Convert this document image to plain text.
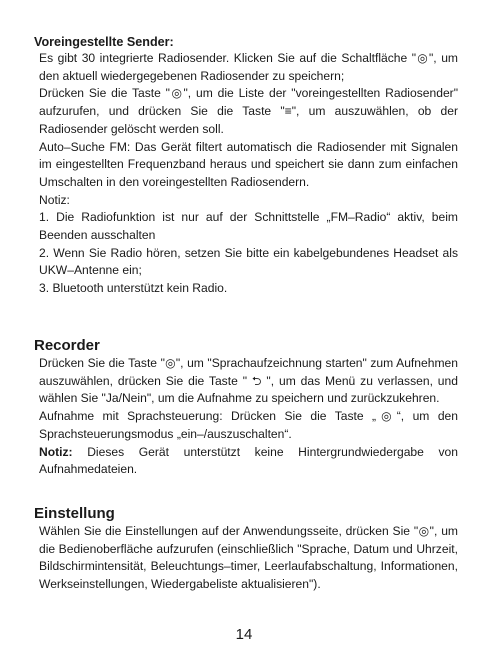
Voreingestellte Sender:

Es gibt 30 integrierte Radiosender. Klicken Sie auf die Schaltfläche "◎", um den aktuell wiedergegebenen Radiosender zu speichern;

Drücken Sie die Taste "◎", um die Liste der "voreingestellten Radiosender" aufzurufen, und drücken Sie die Taste "≡", um auszuwählen, ob der Radiosender gelöscht werden soll.

Auto–Suche FM: Das Gerät filtert automatisch die Radiosender mit Signalen im eingestellten Frequenzband heraus und speichert sie dann zum einfachen Umschalten in den voreingestellten Radiosendern.

Notiz:

1. Die Radiofunktion ist nur auf der Schnittstelle „FM–Radio“ aktiv, beim Beenden ausschalten

2. Wenn Sie Radio hören, setzen Sie bitte ein kabelgebundenes Headset als UKW–Antenne ein;

3. Bluetooth unterstützt kein Radio.

Recorder

Drücken Sie die Taste "◎", um "Sprachaufzeichnung starten" zum Aufnehmen auszuwählen, drücken Sie die Taste " ⮌ ", um das Menü zu verlassen, und wählen Sie "Ja/Nein", um die Aufnahme zu speichern und zurückzukehren.

Aufnahme mit Sprachsteuerung: Drücken Sie die Taste „◎“, um den Sprachsteuerungsmodus „ein–/auszuschalten“.

Notiz: Dieses Gerät unterstützt keine Hintergrundwiedergabe von Aufnahmedateien.

Einstellung

Wählen Sie die Einstellungen auf der Anwendungsseite, drücken Sie "◎", um die Bedienoberfläche aufzurufen (einschließlich "Sprache, Datum und Uhrzeit, Bildschirmintensität, Beleuchtungs–timer, Leerlaufabschaltung, Informationen, Werkseinstellungen, Wiedergabeliste aktualisieren").

14
